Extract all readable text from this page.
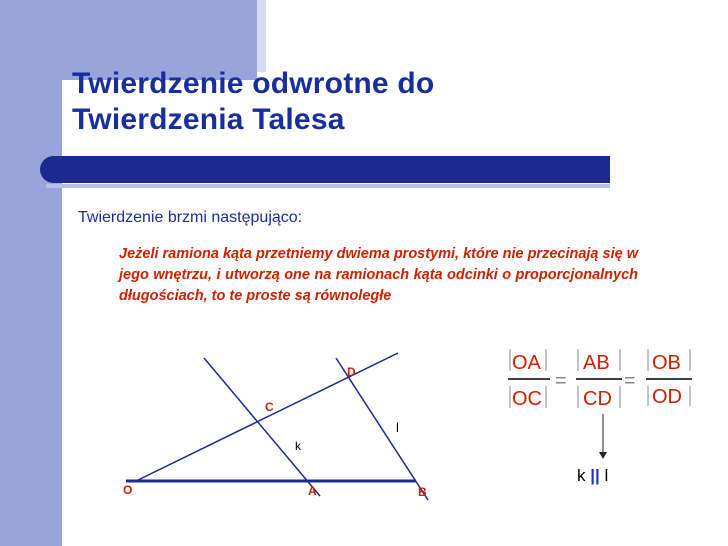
Twierdzenie odwrotne do
Twierdzenia Talesa
Twierdzenie brzmi następująco:

Jeżeli ramiona kąta przetniemy dwiema prostymi, które nie przecinają się w jego wnętrzu, i utworzą one na ramionach kąta odcinki o proporcjonalnych długościach, to te proste są równoległe

O
C
D
A	B
k
l
OA
OC
=
AB
CD
=
OB
OD
k || l
